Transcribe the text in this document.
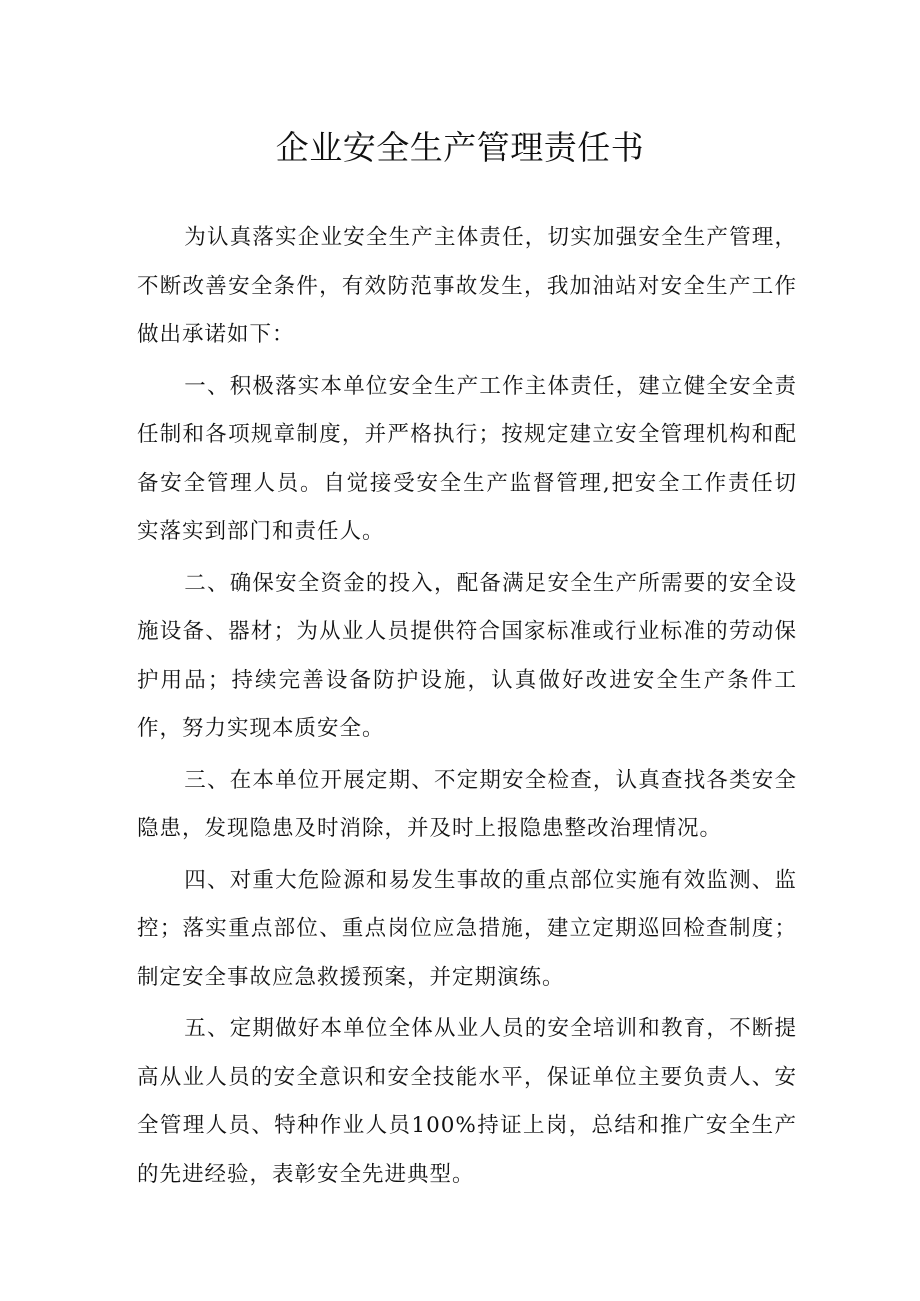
企业安全生产管理责任书

为认真落实企业安全生产主体责任，切实加强安全生产管理，不断改善安全条件，有效防范事故发生，我加油站对安全生产工作做出承诺如下：

一、积极落实本单位安全生产工作主体责任，建立健全安全责任制和各项规章制度，并严格执行；按规定建立安全管理机构和配备安全管理人员。自觉接受安全生产监督管理,把安全工作责任切实落实到部门和责任人。

二、确保安全资金的投入，配备满足安全生产所需要的安全设施设备、器材；为从业人员提供符合国家标准或行业标准的劳动保护用品；持续完善设备防护设施，认真做好改进安全生产条件工作，努力实现本质安全。

三、在本单位开展定期、不定期安全检查，认真查找各类安全隐患，发现隐患及时消除，并及时上报隐患整改治理情况。

四、对重大危险源和易发生事故的重点部位实施有效监测、监控；落实重点部位、重点岗位应急措施，建立定期巡回检查制度；制定安全事故应急救援预案，并定期演练。

五、定期做好本单位全体从业人员的安全培训和教育，不断提高从业人员的安全意识和安全技能水平，保证单位主要负责人、安全管理人员、特种作业人员100%持证上岗，总结和推广安全生产的先进经验，表彰安全先进典型。
